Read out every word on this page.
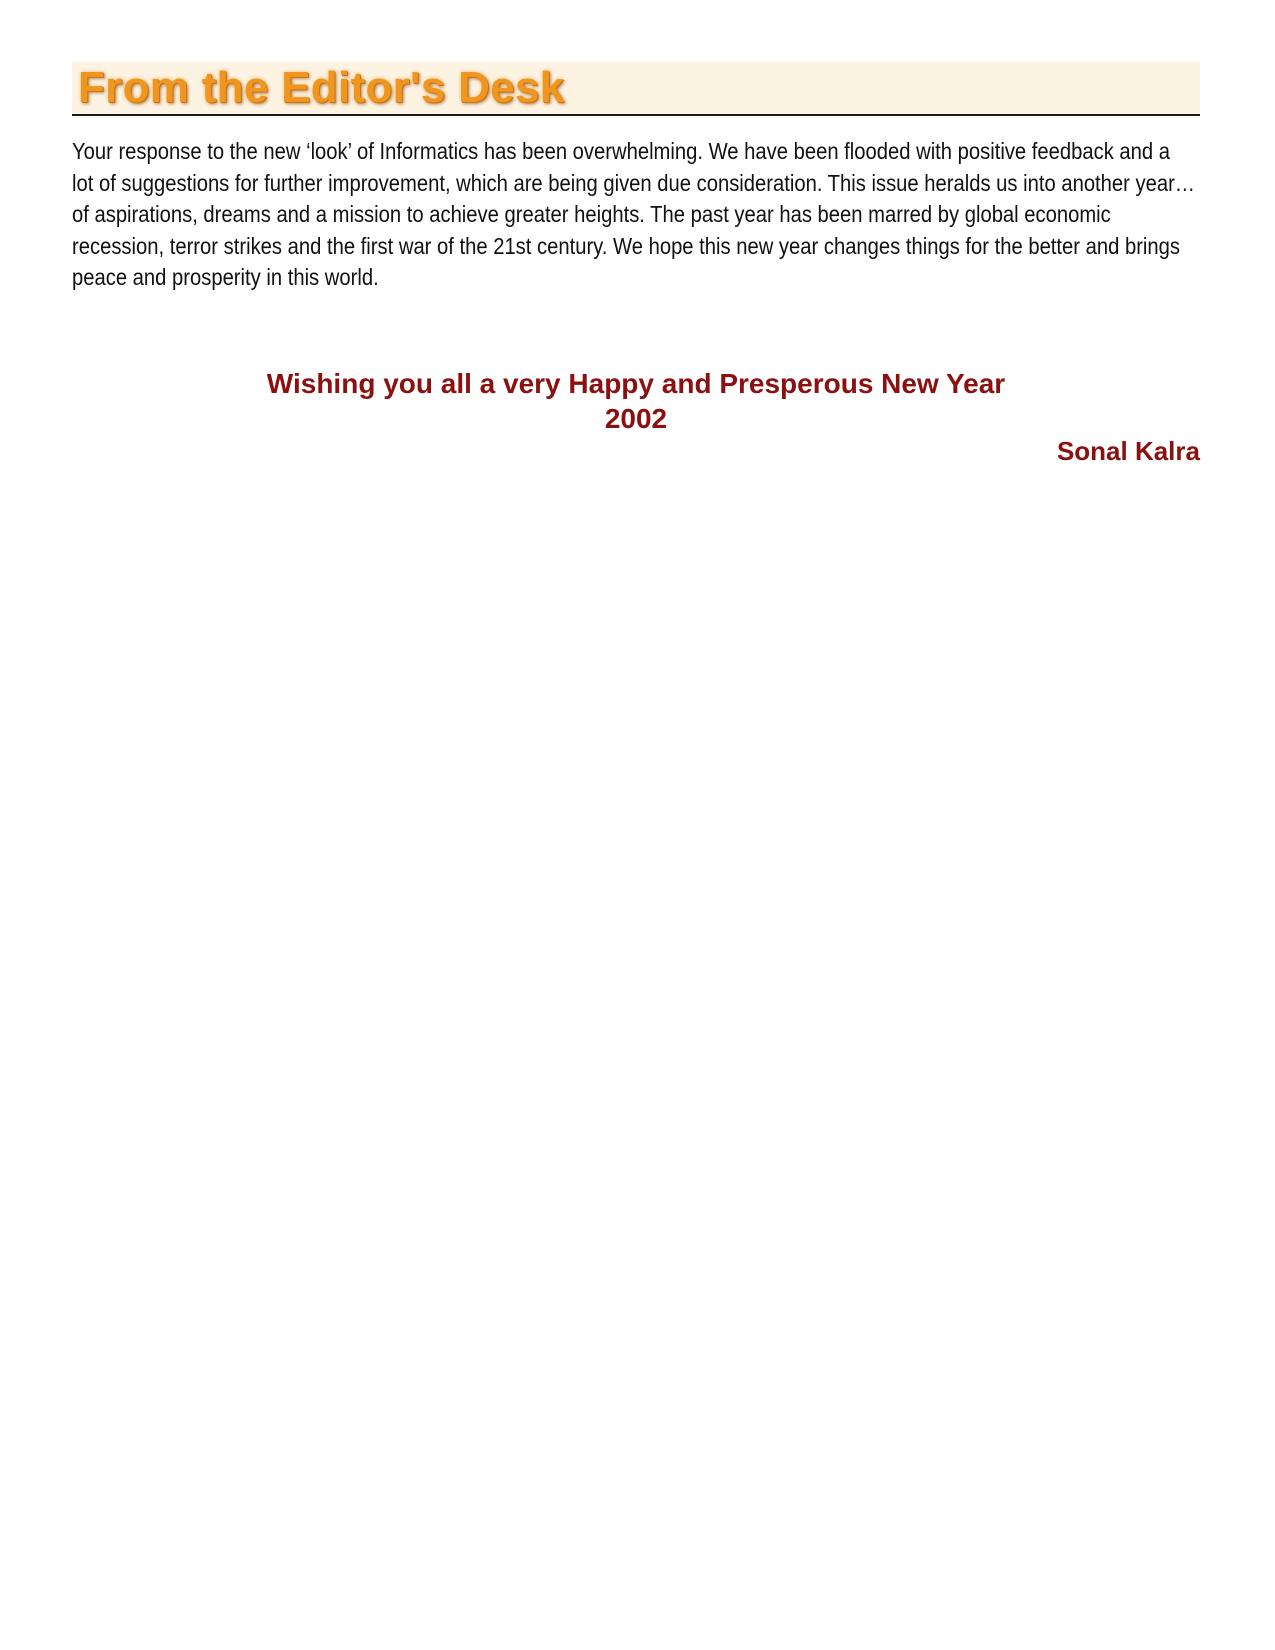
From the Editor's Desk

Your response to the new ‘look’ of Informatics has been overwhelming. We have been flooded with positive feedback and a lot of suggestions for further improvement, which are being given due consideration. This issue heralds us into another year…of aspirations, dreams and a mission to achieve greater heights. The past year has been marred by global economic recession, terror strikes and the first war of the 21st century. We hope this new year changes things for the better and brings peace and prosperity in this world.

Wishing you all a very Happy and Presperous New Year 2002
Sonal Kalra
